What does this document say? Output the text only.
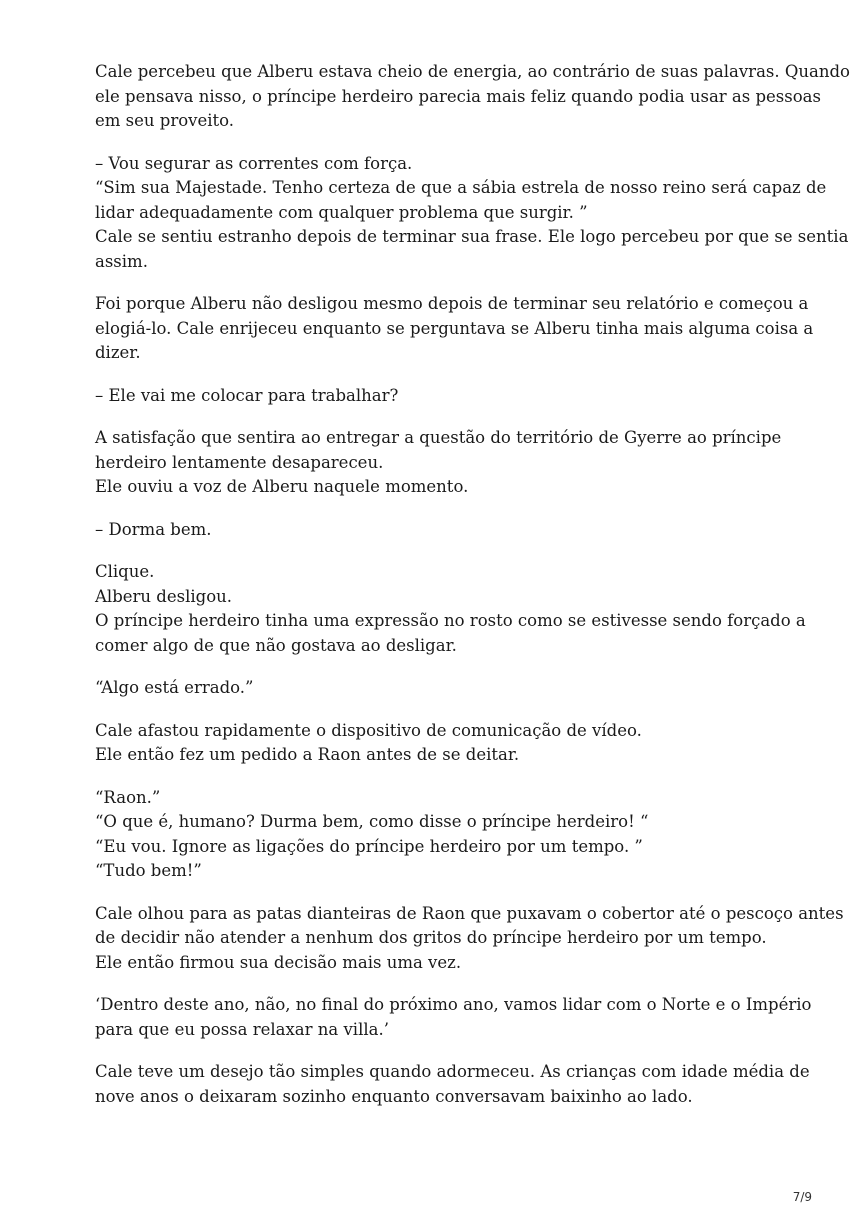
Cale percebeu que Alberu estava cheio de energia, ao contrário de suas palavras. Quando
ele pensava nisso, o príncipe herdeiro parecia mais feliz quando podia usar as pessoas
em seu proveito.

– Vou segurar as correntes com força.
“Sim sua Majestade. Tenho certeza de que a sábia estrela de nosso reino será capaz de
lidar adequadamente com qualquer problema que surgir. ”
Cale se sentiu estranho depois de terminar sua frase. Ele logo percebeu por que se sentia
assim.

Foi porque Alberu não desligou mesmo depois de terminar seu relatório e começou a
elogiá-lo. Cale enrijeceu enquanto se perguntava se Alberu tinha mais alguma coisa a
dizer.

– Ele vai me colocar para trabalhar?

A satisfação que sentira ao entregar a questão do território de Gyerre ao príncipe
herdeiro lentamente desapareceu.
Ele ouviu a voz de Alberu naquele momento.

– Dorma bem.

Clique.
Alberu desligou.
O príncipe herdeiro tinha uma expressão no rosto como se estivesse sendo forçado a
comer algo de que não gostava ao desligar.

“Algo está errado.”

Cale afastou rapidamente o dispositivo de comunicação de vídeo.
Ele então fez um pedido a Raon antes de se deitar.

“Raon.”
“O que é, humano? Durma bem, como disse o príncipe herdeiro! “
“Eu vou. Ignore as ligações do príncipe herdeiro por um tempo. ”
“Tudo bem!”

Cale olhou para as patas dianteiras de Raon que puxavam o cobertor até o pescoço antes
de decidir não atender a nenhum dos gritos do príncipe herdeiro por um tempo.
Ele então firmou sua decisão mais uma vez.

‘Dentro deste ano, não, no final do próximo ano, vamos lidar com o Norte e o Império
para que eu possa relaxar na villa.’

Cale teve um desejo tão simples quando adormeceu. As crianças com idade média de
nove anos o deixaram sozinho enquanto conversavam baixinho ao lado.

7/9
